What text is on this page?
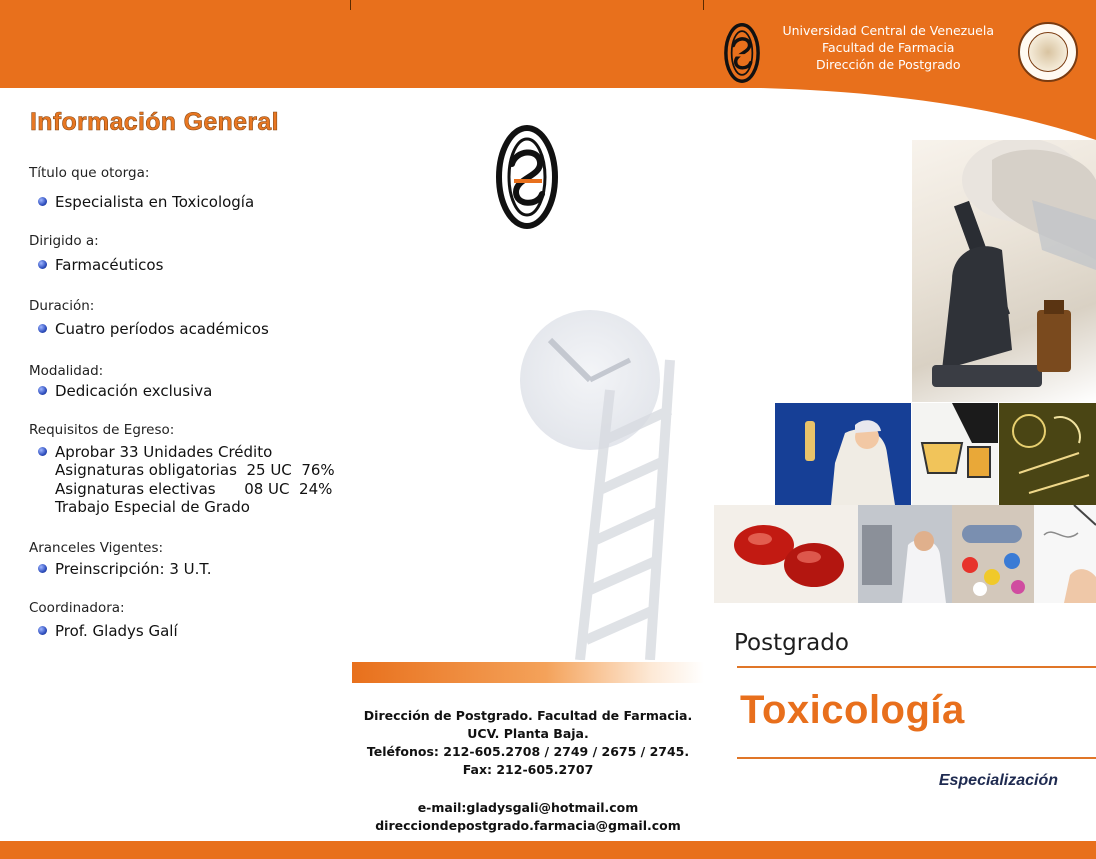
Universidad Central de Venezuela
Facultad de Farmacia
Dirección de Postgrado
Información General
Título que otorga:
Especialista en Toxicología
Dirigido a:
Farmacéuticos
Duración:
Cuatro períodos académicos
Modalidad:
Dedicación exclusiva
Requisitos de Egreso:
Aprobar 33 Unidades Crédito
Asignaturas obligatorias  25 UC  76%
Asignaturas electivas      08 UC  24%
Trabajo Especial de Grado
Aranceles Vigentes:
Preinscripción: 3 U.T.
Coordinadora:
Prof. Gladys Galí
Dirección de Postgrado. Facultad de Farmacia.
UCV. Planta Baja.
Teléfonos: 212-605.2708 / 2749 / 2675 / 2745.
Fax: 212-605.2707
e-mail:gladysgali@hotmail.com
direcciondepostgrado.farmacia@gmail.com
Postgrado
Toxicología
Especialización
